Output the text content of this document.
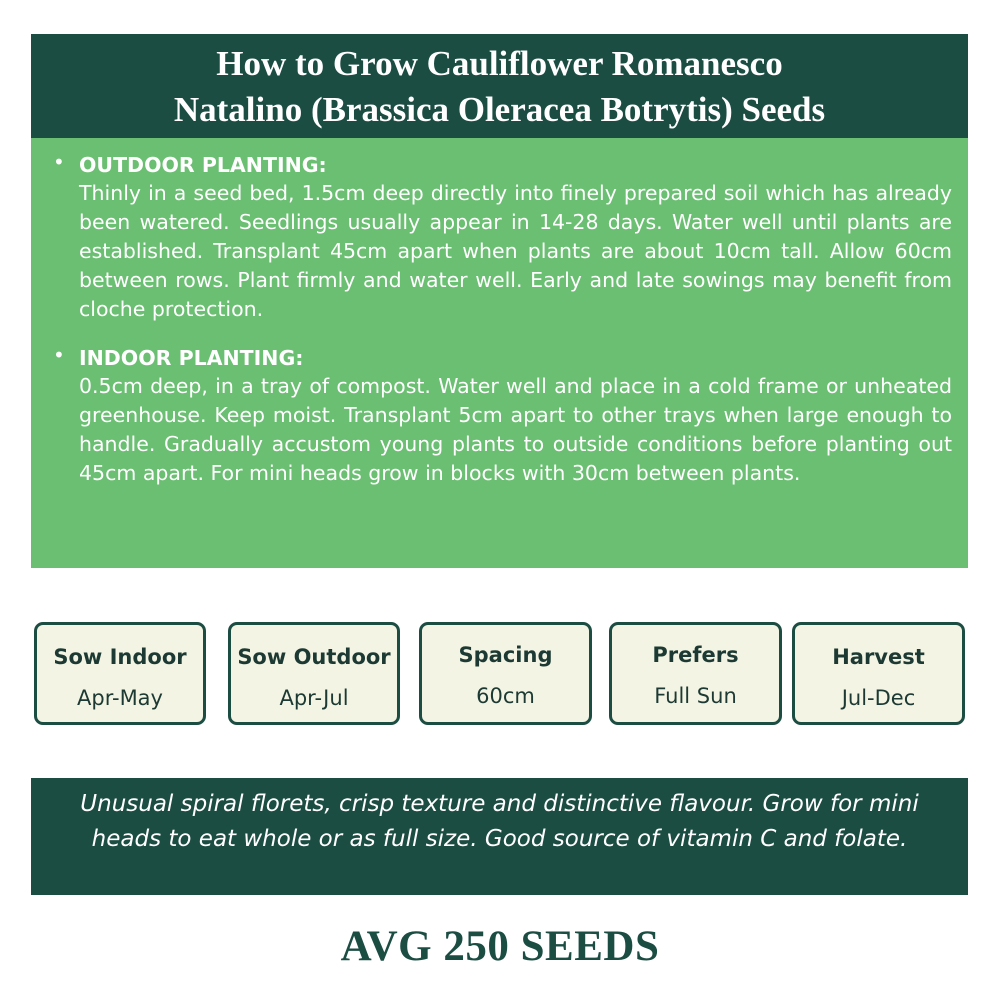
How to Grow Cauliflower Romanesco
Natalino (Brassica Oleracea Botrytis) Seeds
• OUTDOOR PLANTING:
Thinly in a seed bed, 1.5cm deep directly into finely prepared soil which has already been watered. Seedlings usually appear in 14-28 days. Water well until plants are established. Transplant 45cm apart when plants are about 10cm tall. Allow 60cm between rows. Plant firmly and water well. Early and late sowings may benefit from cloche protection.
• INDOOR PLANTING:
0.5cm deep, in a tray of compost. Water well and place in a cold frame or unheated greenhouse. Keep moist. Transplant 5cm apart to other trays when large enough to handle. Gradually accustom young plants to outside conditions before planting out 45cm apart. For mini heads grow in blocks with 30cm between plants.
Sow Indoor
Apr-May
Sow Outdoor
Apr-Jul
Spacing
60cm
Prefers
Full Sun
Harvest
Jul-Dec
Unusual spiral florets, crisp texture and distinctive flavour. Grow for mini heads to eat whole or as full size. Good source of vitamin C and folate.
AVG 250 SEEDS
